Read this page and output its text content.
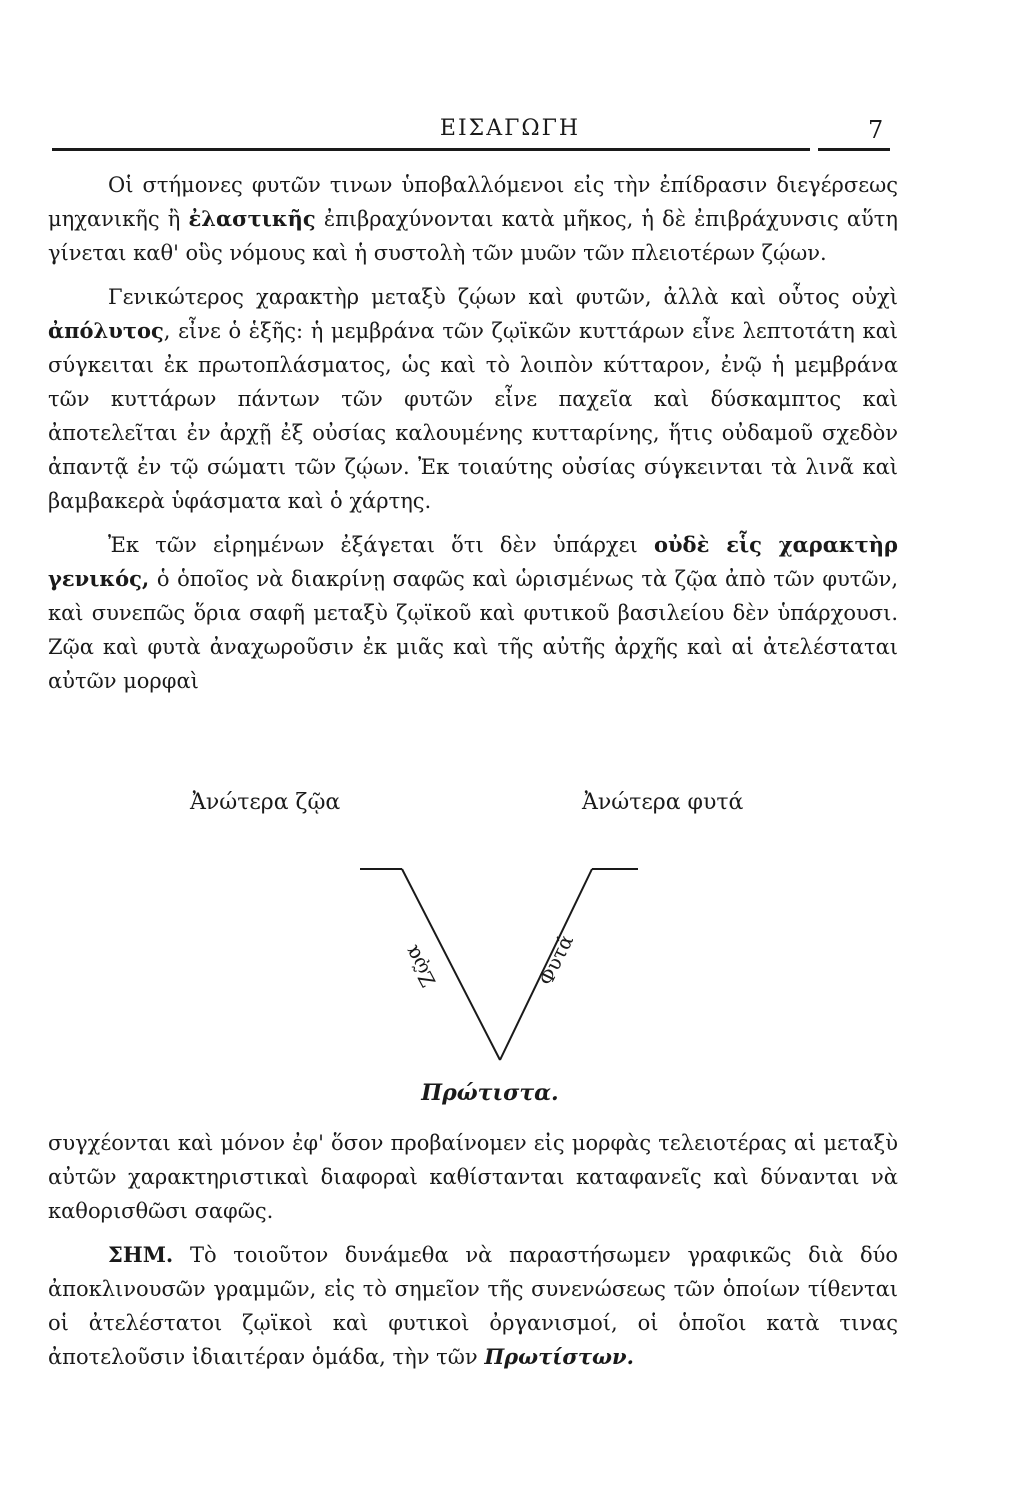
ΕΙΣΑΓΩΓΗ	7

Οἱ στήμονες φυτῶν τινων ὑποβαλλόμενοι εἰς τὴν ἐπίδρασιν διεγέρσεως μηχανικῆς ἢ ἐλαστικῆς ἐπιβραχύνονται κατὰ μῆκος, ἡ δὲ ἐπιβράχυνσις αὕτη γίνεται καθ' οὓς νόμους καὶ ἡ συστολὴ τῶν μυῶν τῶν πλειοτέρων ζῴων.

Γενικώτερος χαρακτὴρ μεταξὺ ζῴων καὶ φυτῶν, ἀλλὰ καὶ οὗτος οὐχὶ ἀπόλυτος, εἶνε ὁ ἑξῆς: ἡ μεμβράνα τῶν ζῳϊκῶν κυττάρων εἶνε λεπτοτάτη καὶ σύγκειται ἐκ πρωτοπλάσματος, ὡς καὶ τὸ λοιπὸν κύτταρον, ἐνῷ ἡ μεμβράνα τῶν κυττάρων πάντων τῶν φυτῶν εἶνε παχεῖα καὶ δύσκαμπτος καὶ ἀποτελεῖται ἐν ἀρχῇ ἐξ οὐσίας καλουμένης κυτταρίνης, ἥτις οὐδαμοῦ σχεδὸν ἀπαντᾷ ἐν τῷ σώματι τῶν ζῴων. Ἐκ τοιαύτης οὐσίας σύγκεινται τὰ λινᾶ καὶ βαμβακερὰ ὑφάσματα καὶ ὁ χάρτης.

Ἐκ τῶν εἰρημένων ἐξάγεται ὅτι δὲν ὑπάρχει οὐδὲ εἷς χαρακτὴρ γενικός, ὁ ὁποῖος νὰ διακρίνῃ σαφῶς καὶ ὡρισμένως τὰ ζῷα ἀπὸ τῶν φυτῶν, καὶ συνεπῶς ὅρια σαφῆ μεταξὺ ζῳϊκοῦ καὶ φυτικοῦ βασιλείου δὲν ὑπάρχουσι. Ζῷα καὶ φυτὰ ἀναχωροῦσιν ἐκ μιᾶς καὶ τῆς αὐτῆς ἀρχῆς καὶ αἱ ἀτελέσταται αὐτῶν μορφαὶ

Ἀνώτερα ζῷα	Ἀνώτερα φυτά
Ζῷα	Φυτά
Πρώτιστα.

συγχέονται καὶ μόνον ἐφ' ὅσον προβαίνομεν εἰς μορφὰς τελειοτέρας αἱ μεταξὺ αὐτῶν χαρακτηριστικαὶ διαφοραὶ καθίστανται καταφανεῖς καὶ δύνανται νὰ καθορισθῶσι σαφῶς.

ΣΗΜ. Τὸ τοιοῦτον δυνάμεθα νὰ παραστήσωμεν γραφικῶς διὰ δύο ἀποκλινουσῶν γραμμῶν, εἰς τὸ σημεῖον τῆς συνενώσεως τῶν ὁποίων τίθενται οἱ ἀτελέστατοι ζῳϊκοὶ καὶ φυτικοὶ ὀργανισμοί, οἱ ὁποῖοι κατὰ τινας ἀποτελοῦσιν ἰδιαιτέραν ὁμάδα, τὴν τῶν Πρωτίστων.
